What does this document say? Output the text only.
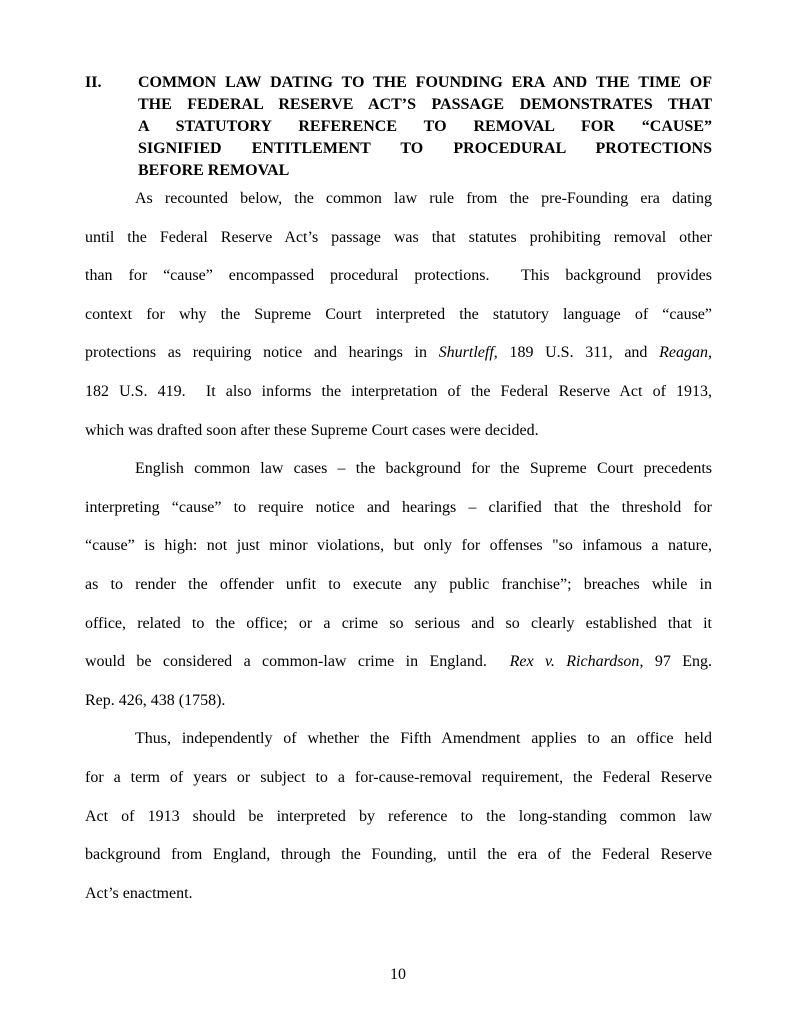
II.	COMMON LAW DATING TO THE FOUNDING ERA AND THE TIME OF
THE FEDERAL RESERVE ACT’S PASSAGE DEMONSTRATES THAT
A STATUTORY REFERENCE TO REMOVAL FOR “CAUSE”
SIGNIFIED ENTITLEMENT TO PROCEDURAL PROTECTIONS
BEFORE REMOVAL
As recounted below, the common law rule from the pre-Founding era dating
until the Federal Reserve Act’s passage was that statutes prohibiting removal other
than for “cause” encompassed procedural protections.  This background provides
context for why the Supreme Court interpreted the statutory language of “cause”
protections as requiring notice and hearings in Shurtleff, 189 U.S. 311, and Reagan,
182 U.S. 419.  It also informs the interpretation of the Federal Reserve Act of 1913,
which was drafted soon after these Supreme Court cases were decided.
English common law cases – the background for the Supreme Court precedents
interpreting “cause” to require notice and hearings – clarified that the threshold for
“cause” is high: not just minor violations, but only for offenses "so infamous a nature,
as to render the offender unfit to execute any public franchise”; breaches while in
office, related to the office; or a crime so serious and so clearly established that it
would be considered a common-law crime in England.  Rex v. Richardson, 97 Eng.
Rep. 426, 438 (1758).
Thus, independently of whether the Fifth Amendment applies to an office held
for a term of years or subject to a for-cause-removal requirement, the Federal Reserve
Act of 1913 should be interpreted by reference to the long-standing common law
background from England, through the Founding, until the era of the Federal Reserve
Act’s enactment.
10
